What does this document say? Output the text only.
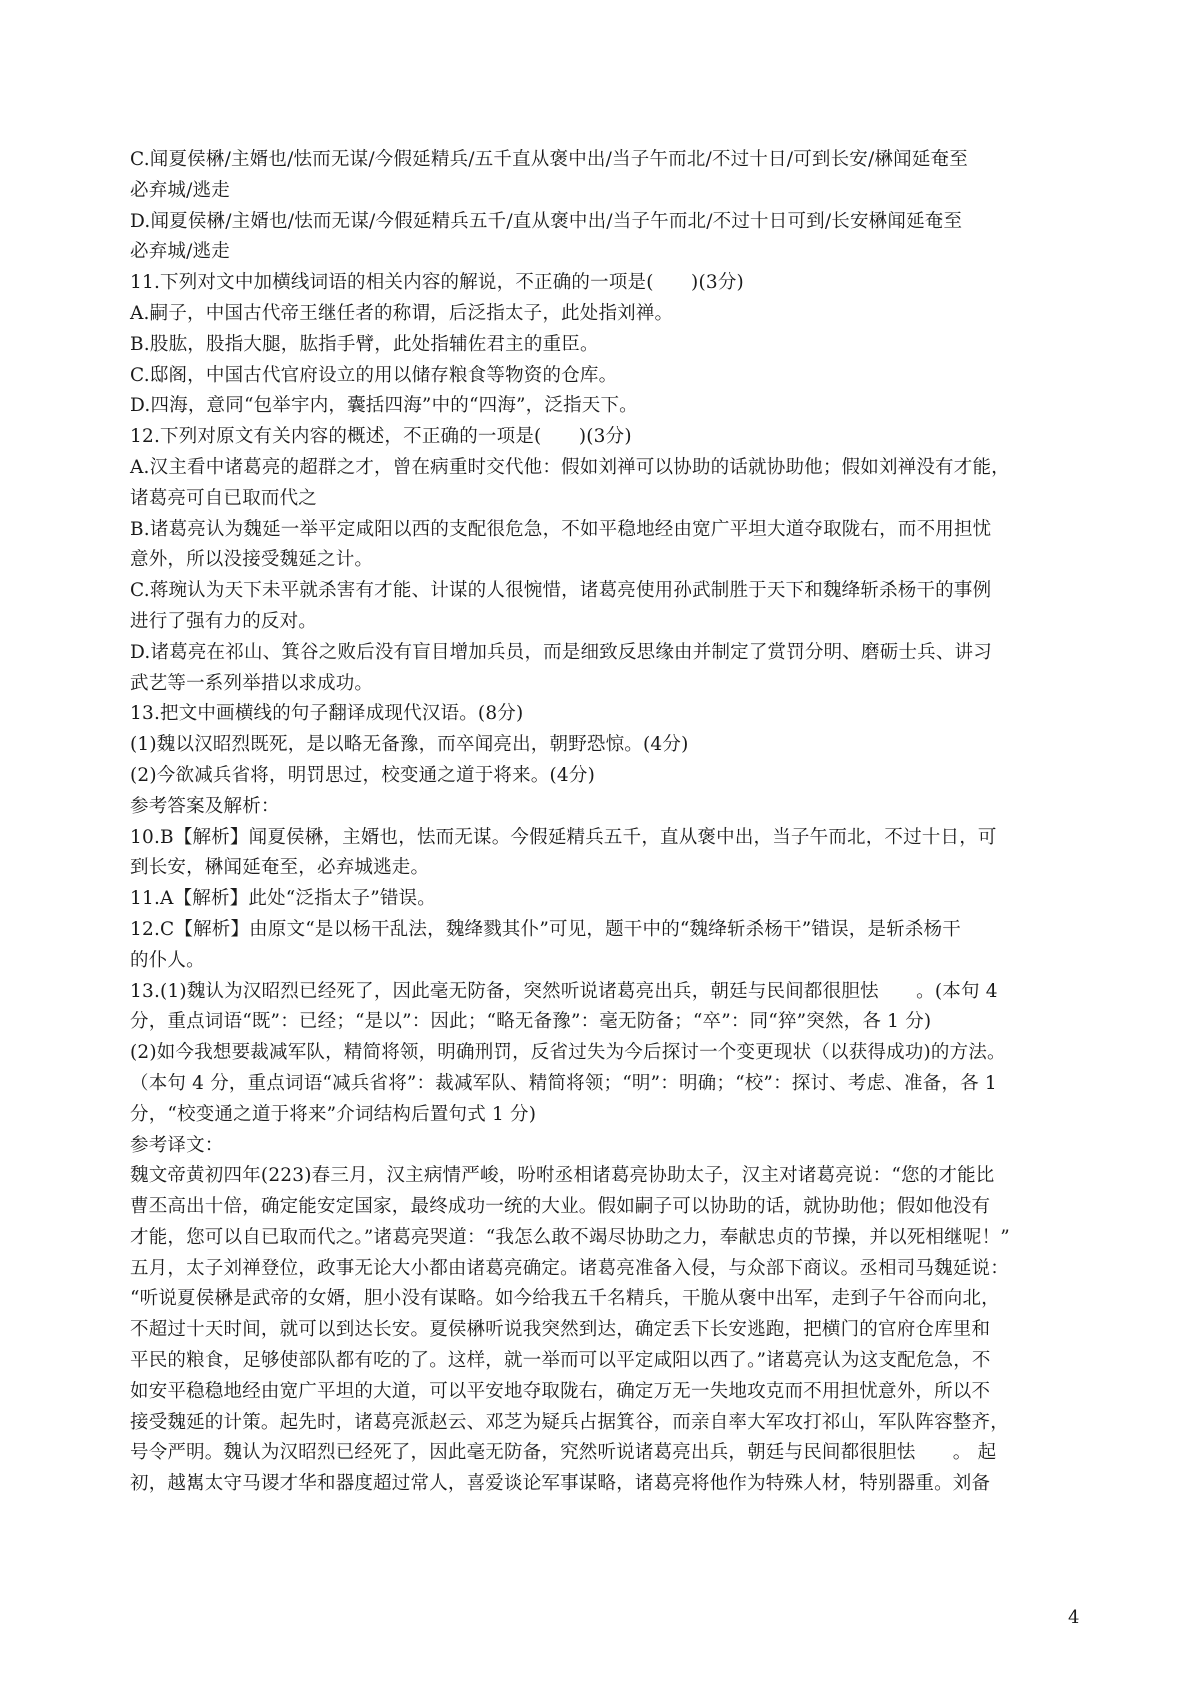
C.闻夏侯楙/主婿也/怯而无谋/今假延精兵/五千直从褒中出/当子午而北/不过十日/可到长安/楙闻延奄至
必弃城/逃走
D.闻夏侯楙/主婿也/怯而无谋/今假延精兵五千/直从褒中出/当子午而北/不过十日可到/长安楙闻延奄至
必弃城/逃走
11.下列对文中加横线词语的相关内容的解说，不正确的一项是(　　)(3分)
A.嗣子，中国古代帝王继任者的称谓，后泛指太子，此处指刘禅。
B.股肱，股指大腿，肱指手臂，此处指辅佐君主的重臣。
C.邸阁，中国古代官府设立的用以储存粮食等物资的仓库。
D.四海，意同“包举宇内，囊括四海”中的“四海”，泛指天下。
12.下列对原文有关内容的概述，不正确的一项是(　　)(3分)
A.汉主看中诸葛亮的超群之才，曾在病重时交代他：假如刘禅可以协助的话就协助他；假如刘禅没有才能，
诸葛亮可自已取而代之
B.诸葛亮认为魏延一举平定咸阳以西的支配很危急，不如平稳地经由宽广平坦大道夺取陇右，而不用担忧
意外，所以没接受魏延之计。
C.蒋琬认为天下未平就杀害有才能、计谋的人很惋惜，诸葛亮使用孙武制胜于天下和魏绛斩杀杨干的事例
进行了强有力的反对。
D.诸葛亮在祁山、箕谷之败后没有盲目增加兵员，而是细致反思缘由并制定了赏罚分明、磨砺士兵、讲习
武艺等一系列举措以求成功。
13.把文中画横线的句子翻译成现代汉语。(8分)
(1)魏以汉昭烈既死，是以略无备豫，而卒闻亮出，朝野恐惊。(4分)
(2)今欲减兵省将，明罚思过，校变通之道于将来。(4分)
参考答案及解析：
10.B【解析】闻夏侯楙，主婿也，怯而无谋。今假延精兵五千，直从褒中出，当子午而北，不过十日，可
到长安，楙闻延奄至，必弃城逃走。
11.A【解析】此处“泛指太子”错误。
12.C【解析】由原文“是以杨干乱法，魏绛戮其仆”可见，题干中的“魏绛斩杀杨干”错误，是斩杀杨干
的仆人。
13.(1)魏认为汉昭烈已经死了，因此毫无防备，突然听说诸葛亮出兵，朝廷与民间都很胆怯　　。(本句 4
分，重点词语“既”：已经；“是以”：因此；“略无备豫”：毫无防备；“卒”：同“猝”突然，各 1 分)
(2)如今我想要裁减军队，精简将领，明确刑罚，反省过失为今后探讨一个变更现状（以获得成功)的方法。
（本句 4 分，重点词语“减兵省将”：裁减军队、精简将领；“明”：明确；“校”：探讨、考虑、准备，各 1
分，“校变通之道于将来”介词结构后置句式 1 分)
参考译文：
魏文帝黄初四年(223)春三月，汉主病情严峻，吩咐丞相诸葛亮协助太子，汉主对诸葛亮说：“您的才能比
曹丕高出十倍，确定能安定国家，最终成功一统的大业。假如嗣子可以协助的话，就协助他；假如他没有
才能，您可以自已取而代之。”诸葛亮哭道：“我怎么敢不竭尽协助之力，奉献忠贞的节操，并以死相继呢！”
五月，太子刘禅登位，政事无论大小都由诸葛亮确定。诸葛亮准备入侵，与众部下商议。丞相司马魏延说：
“听说夏侯楙是武帝的女婿，胆小没有谋略。如今给我五千名精兵，干脆从褒中出军，走到子午谷而向北，
不超过十天时间，就可以到达长安。夏侯楙听说我突然到达，确定丢下长安逃跑，把横门的官府仓库里和
平民的粮食，足够使部队都有吃的了。这样，就一举而可以平定咸阳以西了。”诸葛亮认为这支配危急，不
如安平稳稳地经由宽广平坦的大道，可以平安地夺取陇右，确定万无一失地攻克而不用担忧意外，所以不
接受魏延的计策。起先时，诸葛亮派赵云、邓芝为疑兵占据箕谷，而亲自率大军攻打祁山，军队阵容整齐，
号令严明。魏认为汉昭烈已经死了，因此毫无防备，究然听说诸葛亮出兵，朝廷与民间都很胆怯　　。 起
初，越嶲太守马谡才华和器度超过常人，喜爱谈论军事谋略，诸葛亮将他作为特殊人材，特别器重。刘备
4
